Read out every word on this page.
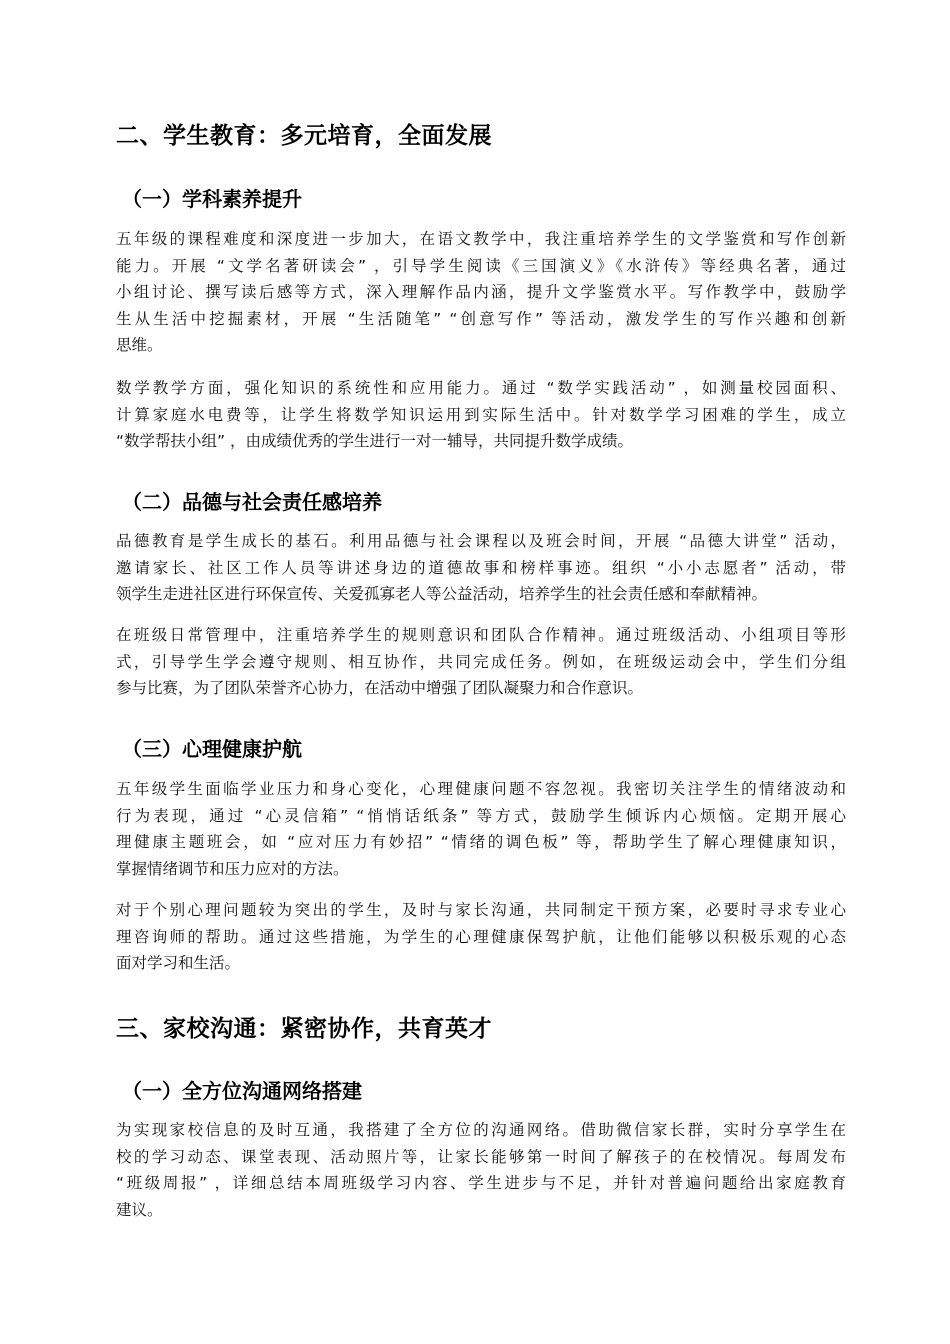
二、学生教育：多元培育，全面发展
（一）学科素养提升
五年级的课程难度和深度进一步加大，在语文教学中，我注重培养学生的文学鉴赏和写作创新
能力。开展 “文学名著研读会” ，引导学生阅读《三国演义》《水浒传》等经典名著，通过
小组讨论、撰写读后感等方式，深入理解作品内涵，提升文学鉴赏水平。写作教学中，鼓励学
生从生活中挖掘素材，开展 “生活随笔” “创意写作” 等活动，激发学生的写作兴趣和创新
思维。
数学教学方面，强化知识的系统性和应用能力。通过 “数学实践活动” ，如测量校园面积、
计算家庭水电费等，让学生将数学知识运用到实际生活中。针对数学学习困难的学生，成立
“数学帮扶小组” ，由成绩优秀的学生进行一对一辅导，共同提升数学成绩。
（二）品德与社会责任感培养
品德教育是学生成长的基石。利用品德与社会课程以及班会时间，开展 “品德大讲堂” 活动，
邀请家长、社区工作人员等讲述身边的道德故事和榜样事迹。组织 “小小志愿者” 活动，带
领学生走进社区进行环保宣传、关爱孤寡老人等公益活动，培养学生的社会责任感和奉献精神。
在班级日常管理中，注重培养学生的规则意识和团队合作精神。通过班级活动、小组项目等形
式，引导学生学会遵守规则、相互协作，共同完成任务。例如，在班级运动会中，学生们分组
参与比赛，为了团队荣誉齐心协力，在活动中增强了团队凝聚力和合作意识。
（三）心理健康护航
五年级学生面临学业压力和身心变化，心理健康问题不容忽视。我密切关注学生的情绪波动和
行为表现，通过 “心灵信箱” “悄悄话纸条” 等方式，鼓励学生倾诉内心烦恼。定期开展心
理健康主题班会，如 “应对压力有妙招” “情绪的调色板” 等，帮助学生了解心理健康知识，
掌握情绪调节和压力应对的方法。
对于个别心理问题较为突出的学生，及时与家长沟通，共同制定干预方案，必要时寻求专业心
理咨询师的帮助。通过这些措施，为学生的心理健康保驾护航，让他们能够以积极乐观的心态
面对学习和生活。
三、家校沟通：紧密协作，共育英才
（一）全方位沟通网络搭建
为实现家校信息的及时互通，我搭建了全方位的沟通网络。借助微信家长群，实时分享学生在
校的学习动态、课堂表现、活动照片等，让家长能够第一时间了解孩子的在校情况。每周发布
“班级周报” ，详细总结本周班级学习内容、学生进步与不足，并针对普遍问题给出家庭教育
建议。
